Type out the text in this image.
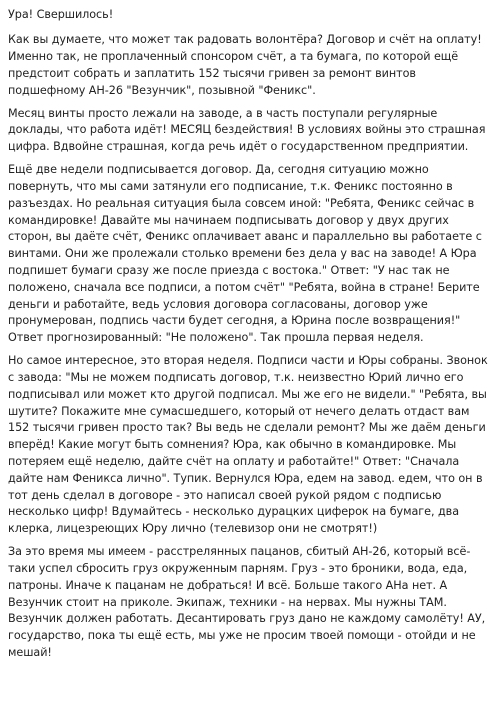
Ура! Свершилось!

Как вы думаете, что может так радовать волонтёра? Договор и счёт на оплату! Именно так, не проплаченный спонсором счёт, а та бумага, по которой ещё предстоит собрать и заплатить 152 тысячи гривен за ремонт винтов подшефному АН-26 "Везунчик", позывной "Феникс".

Месяц винты просто лежали на заводе, а в часть поступали регулярные доклады, что работа идёт! МЕСЯЦ бездействия! В условиях войны это страшная цифра. Вдвойне страшная, когда речь идёт о государственном предприятии.

Ещё две недели подписывается договор. Да, сегодня ситуацию можно повернуть, что мы сами затянули его подписание, т.к. Феникс постоянно в разъездах. Но реальная ситуация была совсем иной: "Ребята, Феникс сейчас в командировке! Давайте мы начинаем подписывать договор у двух других сторон, вы даёте счёт, Феникс оплачивает аванс и параллельно вы работаете с винтами. Они же пролежали столько времени без дела у вас на заводе! А Юра подпишет бумаги сразу же после приезда с востока." Ответ: "У нас так не положено, сначала все подписи, а потом счёт" "Ребята, война в стране! Берите деньги и работайте, ведь условия договора согласованы, договор уже пронумерован, подпись части будет сегодня, а Юрина после возвращения!" Ответ прогнозированный: "Не положено". Так прошла первая неделя.

Но самое интересное, это вторая неделя. Подписи части и Юры собраны. Звонок с завода: "Мы не можем подписать договор, т.к. неизвестно Юрий лично его подписывал или может кто другой подписал. Мы же его не видели." "Ребята, вы шутите? Покажите мне сумасшедшего, который от нечего делать отдаст вам 152 тысячи гривен просто так? Вы ведь не сделали ремонт? Мы же даём деньги вперёд! Какие могут быть сомнения? Юра, как обычно в командировке. Мы потеряем ещё неделю, дайте счёт на оплату и работайте!" Ответ: "Сначала дайте нам Феникса лично". Тупик. Вернулся Юра, едем на завод. едем, что он в тот день сделал в договоре - это написал своей рукой рядом с подписью несколько цифр! Вдумайтесь - несколько дурацких циферок на бумаге, два клерка, лицезреющих Юру лично (телевизор они не смотрят!)

За это время мы имеем - расстрелянных пацанов, сбитый АН-26, который всё-таки успел сбросить груз окруженным парням. Груз - это броники, вода, еда, патроны. Иначе к пацанам не добраться! И всё. Больше такого АНа нет. А Везунчик стоит на приколе. Экипаж, техники - на нервах. Мы нужны ТАМ. Везунчик должен работать. Десантировать груз дано не каждому самолёту! АУ, государство, пока ты ещё есть, мы уже не просим твоей помощи - отойди и не мешай!
